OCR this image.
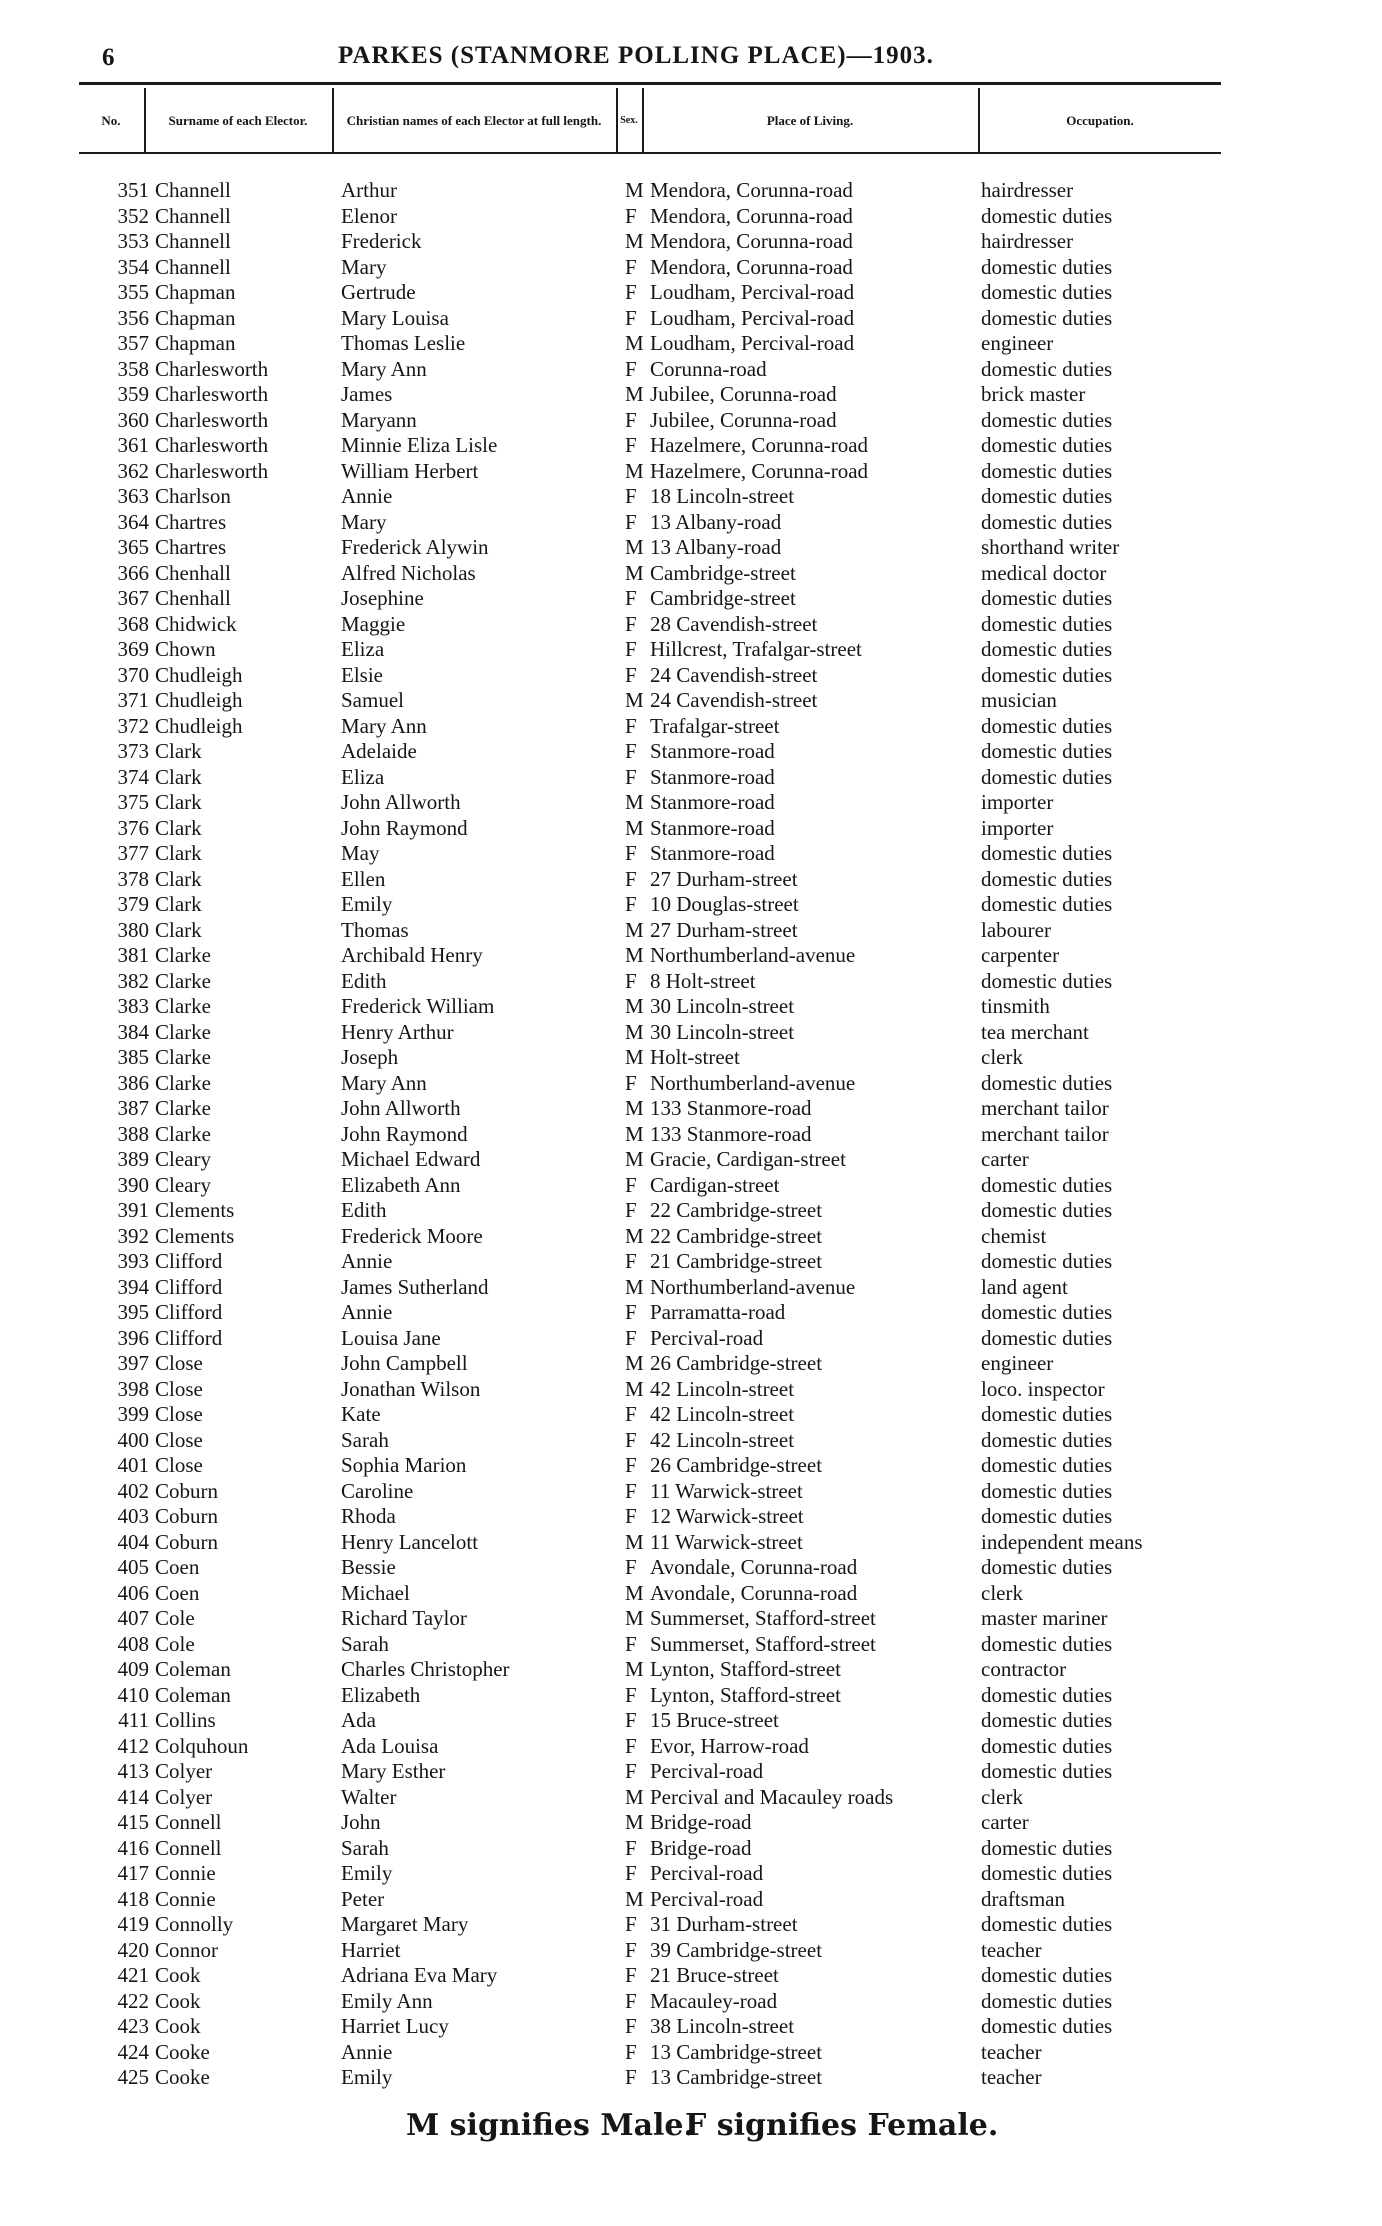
6	PARKES (STANMORE POLLING PLACE)—1903.
No.	Surname of each Elector.	Christian names of each Elector at full length.	Sex.	Place of Living.	Occupation.
351 Channell	Arthur	M Mendora, Corunna-road	hairdresser
352 Channell	Elenor	F Mendora, Corunna-road	domestic duties
353 Channell	Frederick	M Mendora, Corunna-road	hairdresser
354 Channell	Mary	F Mendora, Corunna-road	domestic duties
355 Chapman	Gertrude	F Loudham, Percival-road	domestic duties
356 Chapman	Mary Louisa	F Loudham, Percival-road	domestic duties
357 Chapman	Thomas Leslie	M Loudham, Percival-road	engineer
358 Charlesworth	Mary Ann	F Corunna-road	domestic duties
359 Charlesworth	James	M Jubilee, Corunna-road	brick master
360 Charlesworth	Maryann	F Jubilee, Corunna-road	domestic duties
361 Charlesworth	Minnie Eliza Lisle	F Hazelmere, Corunna-road	domestic duties
362 Charlesworth	William Herbert	M Hazelmere, Corunna-road	domestic duties
363 Charlson	Annie	F 18 Lincoln-street	domestic duties
364 Chartres	Mary	F 13 Albany-road	domestic duties
365 Chartres	Frederick Alywin	M 13 Albany-road	shorthand writer
366 Chenhall	Alfred Nicholas	M Cambridge-street	medical doctor
367 Chenhall	Josephine	F Cambridge-street	domestic duties
368 Chidwick	Maggie	F 28 Cavendish-street	domestic duties
369 Chown	Eliza	F Hillcrest, Trafalgar-street	domestic duties
370 Chudleigh	Elsie	F 24 Cavendish-street	domestic duties
371 Chudleigh	Samuel	M 24 Cavendish-street	musician
372 Chudleigh	Mary Ann	F Trafalgar-street	domestic duties
373 Clark	Adelaide	F Stanmore-road	domestic duties
374 Clark	Eliza	F Stanmore-road	domestic duties
375 Clark	John Allworth	M Stanmore-road	importer
376 Clark	John Raymond	M Stanmore-road	importer
377 Clark	May	F Stanmore-road	domestic duties
378 Clark	Ellen	F 27 Durham-street	domestic duties
379 Clark	Emily	F 10 Douglas-street	domestic duties
380 Clark	Thomas	M 27 Durham-street	labourer
381 Clarke	Archibald Henry	M Northumberland-avenue	carpenter
382 Clarke	Edith	F 8 Holt-street	domestic duties
383 Clarke	Frederick William	M 30 Lincoln-street	tinsmith
384 Clarke	Henry Arthur	M 30 Lincoln-street	tea merchant
385 Clarke	Joseph	M Holt-street	clerk
386 Clarke	Mary Ann	F Northumberland-avenue	domestic duties
387 Clarke	John Allworth	M 133 Stanmore-road	merchant tailor
388 Clarke	John Raymond	M 133 Stanmore-road	merchant tailor
389 Cleary	Michael Edward	M Gracie, Cardigan-street	carter
390 Cleary	Elizabeth Ann	F Cardigan-street	domestic duties
391 Clements	Edith	F 22 Cambridge-street	domestic duties
392 Clements	Frederick Moore	M 22 Cambridge-street	chemist
393 Clifford	Annie	F 21 Cambridge-street	domestic duties
394 Clifford	James Sutherland	M Northumberland-avenue	land agent
395 Clifford	Annie	F Parramatta-road	domestic duties
396 Clifford	Louisa Jane	F Percival-road	domestic duties
397 Close	John Campbell	M 26 Cambridge-street	engineer
398 Close	Jonathan Wilson	M 42 Lincoln-street	loco. inspector
399 Close	Kate	F 42 Lincoln-street	domestic duties
400 Close	Sarah	F 42 Lincoln-street	domestic duties
401 Close	Sophia Marion	F 26 Cambridge-street	domestic duties
402 Coburn	Caroline	F 11 Warwick-street	domestic duties
403 Coburn	Rhoda	F 12 Warwick-street	domestic duties
404 Coburn	Henry Lancelott	M 11 Warwick-street	independent means
405 Coen	Bessie	F Avondale, Corunna-road	domestic duties
406 Coen	Michael	M Avondale, Corunna-road	clerk
407 Cole	Richard Taylor	M Summerset, Stafford-street	master mariner
408 Cole	Sarah	F Summerset, Stafford-street	domestic duties
409 Coleman	Charles Christopher	M Lynton, Stafford-street	contractor
410 Coleman	Elizabeth	F Lynton, Stafford-street	domestic duties
411 Collins	Ada	F 15 Bruce-street	domestic duties
412 Colquhoun	Ada Louisa	F Evor, Harrow-road	domestic duties
413 Colyer	Mary Esther	F Percival-road	domestic duties
414 Colyer	Walter	M Percival and Macauley roads	clerk
415 Connell	John	M Bridge-road	carter
416 Connell	Sarah	F Bridge-road	domestic duties
417 Connie	Emily	F Percival-road	domestic duties
418 Connie	Peter	M Percival-road	draftsman
419 Connolly	Margaret Mary	F 31 Durham-street	domestic duties
420 Connor	Harriet	F 39 Cambridge-street	teacher
421 Cook	Adriana Eva Mary	F 21 Bruce-street	domestic duties
422 Cook	Emily Ann	F Macauley-road	domestic duties
423 Cook	Harriet Lucy	F 38 Lincoln-street	domestic duties
424 Cooke	Annie	F 13 Cambridge-street	teacher
425 Cooke	Emily	F 13 Cambridge-street	teacher
M signifies Male.
F signifies Female.
